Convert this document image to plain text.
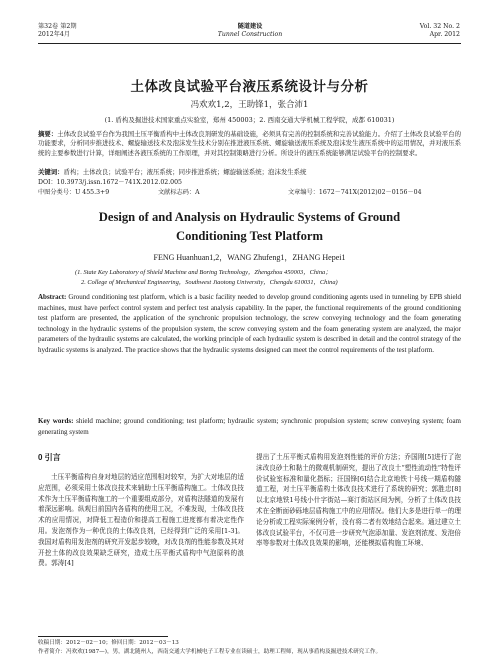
第32卷 第2期
2012年4月
隧道建设
Tunnel Construction
Vol. 32 No. 2
Apr. 2012
土体改良试验平台液压系统设计与分析
冯欢欢1,2，王助锋1，张合沛1
(1. 盾构及掘进技术国家重点实验室，郑州 450003；2. 西南交通大学机械工程学院，成都 610031)
摘要：土体改良试验平台作为我国土压平衡盾构中土体改良剂研发的基础设施，必须具有完善的控制系统和完善试验能力。介绍了土体改良试验平台的功能要求，分析同步推进技术、螺旋输送技术及泡沫发生技术分别在推进液压系统、螺旋输送液压系统及泡沫发生液压系统中的运用情况，并对液压系统的主要参数进行计算，详细阐述各液压系统的工作原理，并对其控制策略进行分析。所设计的液压系统能够满足试验平台的控制要求。
关键词：盾构；土体改良；试验平台；液压系统；同步推进系统；螺旋输送系统；泡沫发生系统
DOI：10.3973/j.issn.1672－741X.2012.02.005
中图分类号：U 455.3+9	文献标志码：A	文章编号：1672－741X(2012)02－0156－04
Design of and Analysis on Hydraulic Systems of Ground
Conditioning Test Platform
FENG Huanhuan1,2，WANG Zhufeng1，ZHANG Hepei1
(1. State Key Laboratory of Shield Machine and Boring Technology，Zhengzhou 450003，China；
2. College of Mechanical Engineering，Southwest Jiaotong University，Chengdu 610031，China)
Abstract: Ground conditioning test platform, which is a basic facility needed to develop ground conditioning agents used in tunneling by EPB shield machines, must have perfect control system and perfect test analysis capability. In the paper, the functional requirements of the ground conditioning test platform are presented, the application of the synchronic propulsion technology, the screw conveying technology and the foam generating technology in the hydraulic systems of the propulsion system, the screw conveying system and the foam generating system are analyzed, the major parameters of the hydraulic systems are calculated, the working principle of each hydraulic system is described in detail and the control strategy of the hydraulic systems is analyzed. The practice shows that the hydraulic systems designed can meet the control requirements of the test platform.
Key words: shield machine; ground conditioning; test platform; hydraulic system; synchronic propulsion system; screw conveying system; foam generating system
0 引言
土压平衡盾构自身对地层的适应范围相对较窄，为扩大对地层的适应范围，必须采用土体改良技术来辅助土压平衡盾构施工。土体改良技术作为土压平衡盾构施工的一个重要组成部分，对盾构法隧道的发展有着深远影响。纵观目前国内各盾构的使用工况，不难发现，土体改良技术的应用情况，对降低工程造价和提高工程施工进度都有着决定性作用。发泡剂作为一种优良的土体改良剂，已经得到广泛的采用[1-3]。我国对盾构用发泡剂的研究开发起步较晚，对改良剂的性能参数及其对开挖土体的改良效果缺乏研究，造成土压平衡式盾构中气泡原料的浪费。郭涛[4]
提出了土压平衡式盾构用发泡剂性能的评价方法；乔国刚[5]进行了泡沫改良砂土和黏土的微观机制研究，提出了改良土“塑性流动性”特性评价试验室标准和量化指标；汪国锋[6]结合北京地铁十号线一期盾构隧道工程，对土压平衡盾构土体改良技术进行了系统的研究；郭胜忠[8]以北京地铁1号线小什字街站—赛汀街站区间为例，分析了土体改良技术在全断面砂砾地层盾构施工中的应用情况。他们大多是进行单一的理论分析或工程实际案例分析，没有将二者有效地结合起来。通过建立土体改良试验平台，不仅可进一步研究气泡添加量、发泡剂浓度、发泡倍率等参数对土体改良效果的影响，还能模拟盾构施工环境、
收稿日期：2012－02－10；修回日期：2012－03－13
作者简介：冯欢欢(1987—)，男，湖北随州人，西南交通大学机械电子工程专业在读硕士，助理工程师，现从事盾构及掘进技术研究工作。
